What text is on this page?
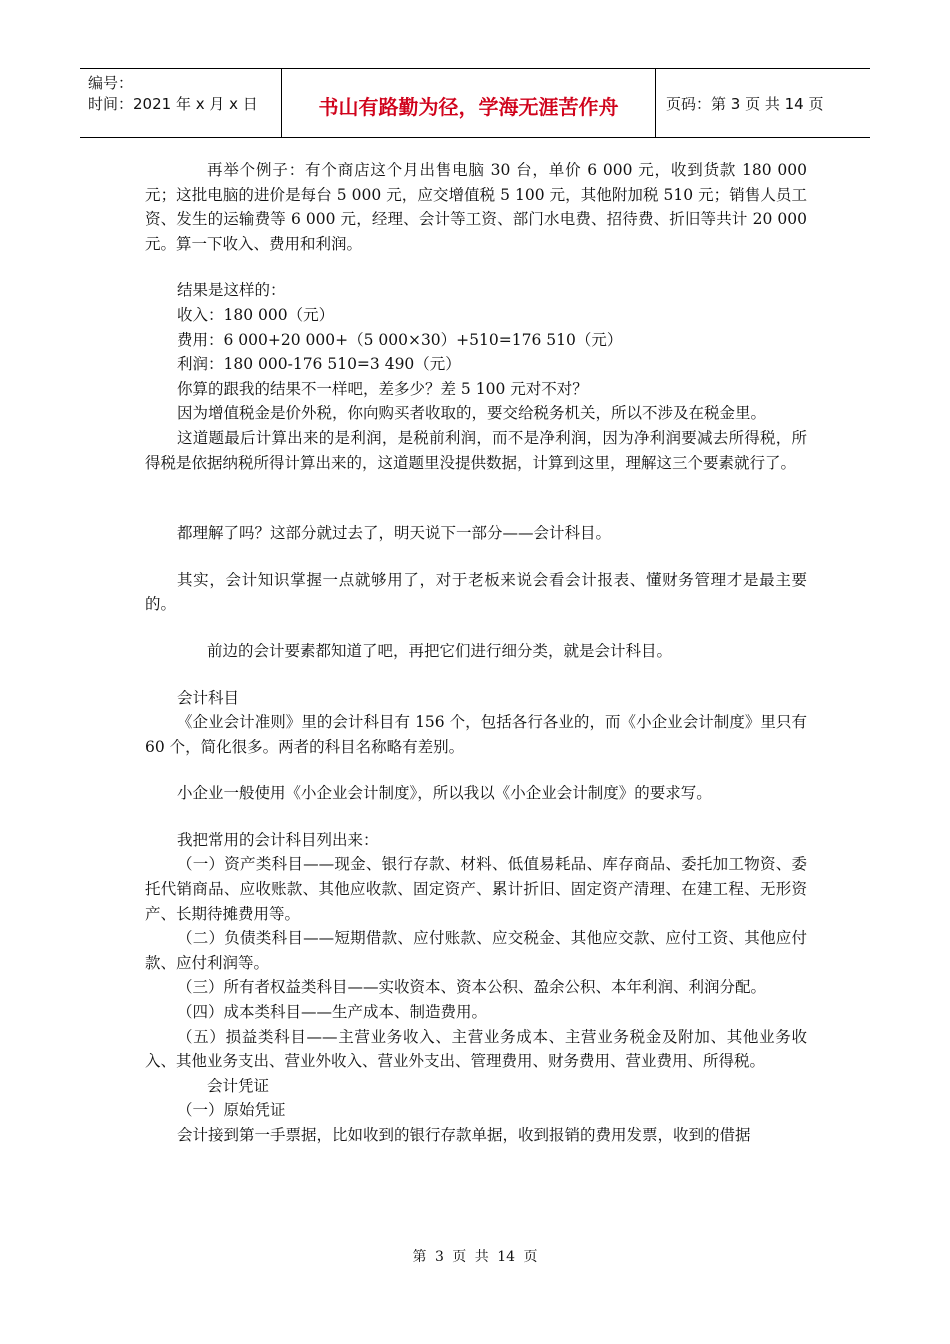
编号：
时间：2021 年 x 月 x 日	书山有路勤为径，学海无涯苦作舟	页码：第 3 页 共 14 页

再举个例子：有个商店这个月出售电脑 30 台，单价 6 000 元，收到货款 180 000 元；这批电脑的进价是每台 5 000 元，应交增值税 5 100 元，其他附加税 510 元；销售人员工资、发生的运输费等 6 000 元，经理、会计等工资、部门水电费、招待费、折旧等共计 20 000 元。算一下收入、费用和利润。

结果是这样的：

收入：180 000（元）

费用：6 000+20 000+（5 000×30）+510=176 510（元）

利润：180 000-176 510=3 490（元）

你算的跟我的结果不一样吧，差多少？差 5 100 元对不对？

因为增值税金是价外税，你向购买者收取的，要交给税务机关，所以不涉及在税金里。

这道题最后计算出来的是利润，是税前利润，而不是净利润，因为净利润要减去所得税，所得税是依据纳税所得计算出来的，这道题里没提供数据，计算到这里，理解这三个要素就行了。

都理解了吗？这部分就过去了，明天说下一部分——会计科目。

其实，会计知识掌握一点就够用了，对于老板来说会看会计报表、懂财务管理才是最主要的。

前边的会计要素都知道了吧，再把它们进行细分类，就是会计科目。

会计科目

《企业会计准则》里的会计科目有 156 个，包括各行各业的，而《小企业会计制度》里只有 60 个，简化很多。两者的科目名称略有差别。

小企业一般使用《小企业会计制度》，所以我以《小企业会计制度》的要求写。

我把常用的会计科目列出来：

（一）资产类科目——现金、银行存款、材料、低值易耗品、库存商品、委托加工物资、委托代销商品、应收账款、其他应收款、固定资产、累计折旧、固定资产清理、在建工程、无形资产、长期待摊费用等。

（二）负债类科目——短期借款、应付账款、应交税金、其他应交款、应付工资、其他应付款、应付利润等。

（三）所有者权益类科目——实收资本、资本公积、盈余公积、本年利润、利润分配。

（四）成本类科目——生产成本、制造费用。

（五）损益类科目——主营业务收入、主营业务成本、主营业务税金及附加、其他业务收入、其他业务支出、营业外收入、营业外支出、管理费用、财务费用、营业费用、所得税。

会计凭证

（一）原始凭证

会计接到第一手票据，比如收到的银行存款单据，收到报销的费用发票，收到的借据

第 3 页 共 14 页
